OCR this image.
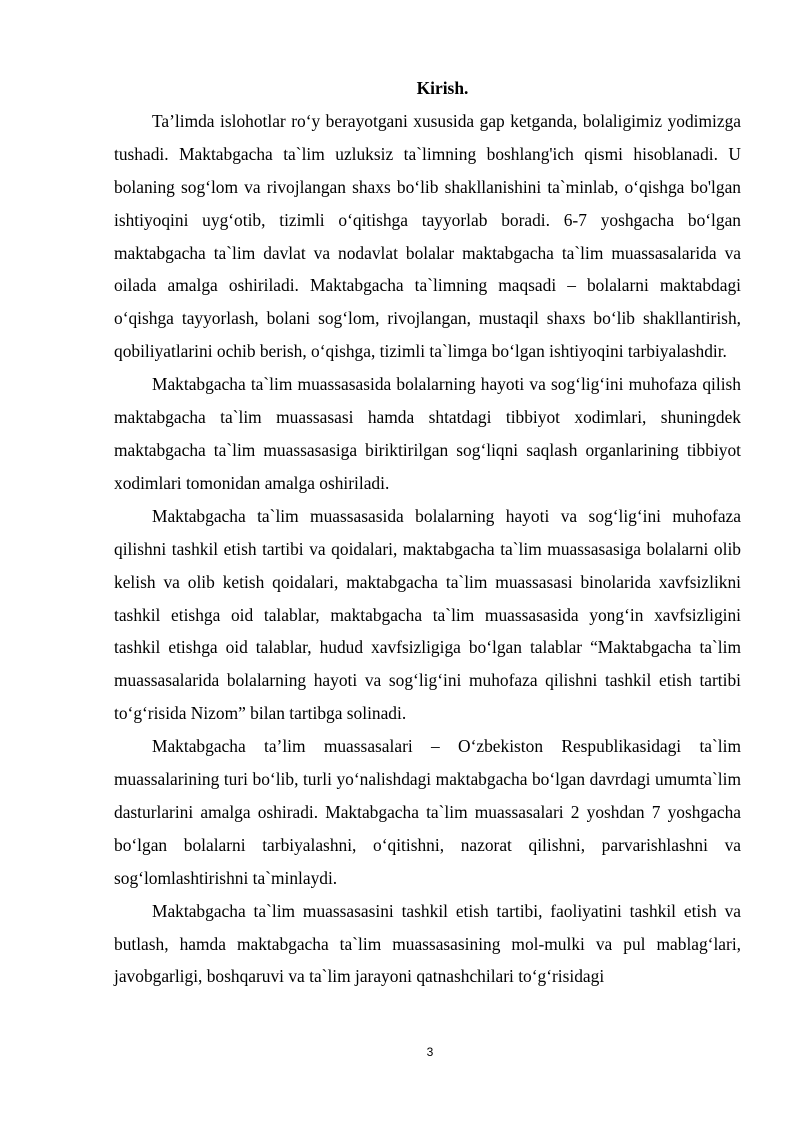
Kirish.

Ta’limda islohotlar ro‘y berayotgani xususida gap ketganda, bolaligimiz yodimizga tushadi. Maktabgacha ta`lim uzluksiz ta`limning boshlang'ich qismi hisoblanadi. U bolaning sog‘lom va rivojlangan shaxs bo‘lib shakllanishini ta`minlab, o‘qishga bo'lgan ishtiyoqini uyg‘otib, tizimli o‘qitishga tayyorlab boradi. 6-7 yoshgacha bo‘lgan maktabgacha ta`lim davlat va nodavlat bolalar maktabgacha ta`lim muassasalarida va oilada amalga oshiriladi. Maktabgacha ta`limning maqsadi – bolalarni maktabdagi o‘qishga tayyorlash, bolani sog‘lom, rivojlangan, mustaqil shaxs bo‘lib shakllantirish, qobiliyatlarini ochib berish, o‘qishga, tizimli ta`limga bo‘lgan ishtiyoqini tarbiyalashdir.

Maktabgacha ta`lim muassasasida bolalarning hayoti va sog‘lig‘ini muhofaza qilish maktabgacha ta`lim muassasasi hamda shtatdagi tibbiyot xodimlari, shuningdek maktabgacha ta`lim muassasasiga biriktirilgan sog‘liqni saqlash organlarining tibbiyot xodimlari tomonidan amalga oshiriladi.

Maktabgacha ta`lim muassasasida bolalarning hayoti va sog‘lig‘ini muhofaza qilishni tashkil etish tartibi va qoidalari, maktabgacha ta`lim muassasasiga bolalarni olib kelish va olib ketish qoidalari, maktabgacha ta`lim muassasasi binolarida xavfsizlikni tashkil etishga oid talablar, maktabgacha ta`lim muassasasida yong‘in xavfsizligini tashkil etishga oid talablar, hudud xavfsizligiga bo‘lgan talablar “Maktabgacha ta`lim muassasalarida bolalarning hayoti va sog‘lig‘ini muhofaza qilishni tashkil etish tartibi to‘g‘risida Nizom” bilan tartibga solinadi.

Maktabgacha ta’lim muassasalari – O‘zbekiston Respublikasidagi ta`lim muassalarining turi bo‘lib, turli yo‘nalishdagi maktabgacha bo‘lgan davrdagi umumta`lim dasturlarini amalga oshiradi. Maktabgacha ta`lim muassasalari 2 yoshdan 7 yoshgacha bo‘lgan bolalarni tarbiyalashni, o‘qitishni, nazorat qilishni, parvarishlashni va sog‘lomlashtirishni ta`minlaydi.

Maktabgacha ta`lim muassasasini tashkil etish tartibi, faoliyatini tashkil etish va butlash, hamda maktabgacha ta`lim muassasasining mol-mulki va pul mablag‘lari, javobgarligi, boshqaruvi va ta`lim jarayoni qatnashchilari to‘g‘risidagi

3
